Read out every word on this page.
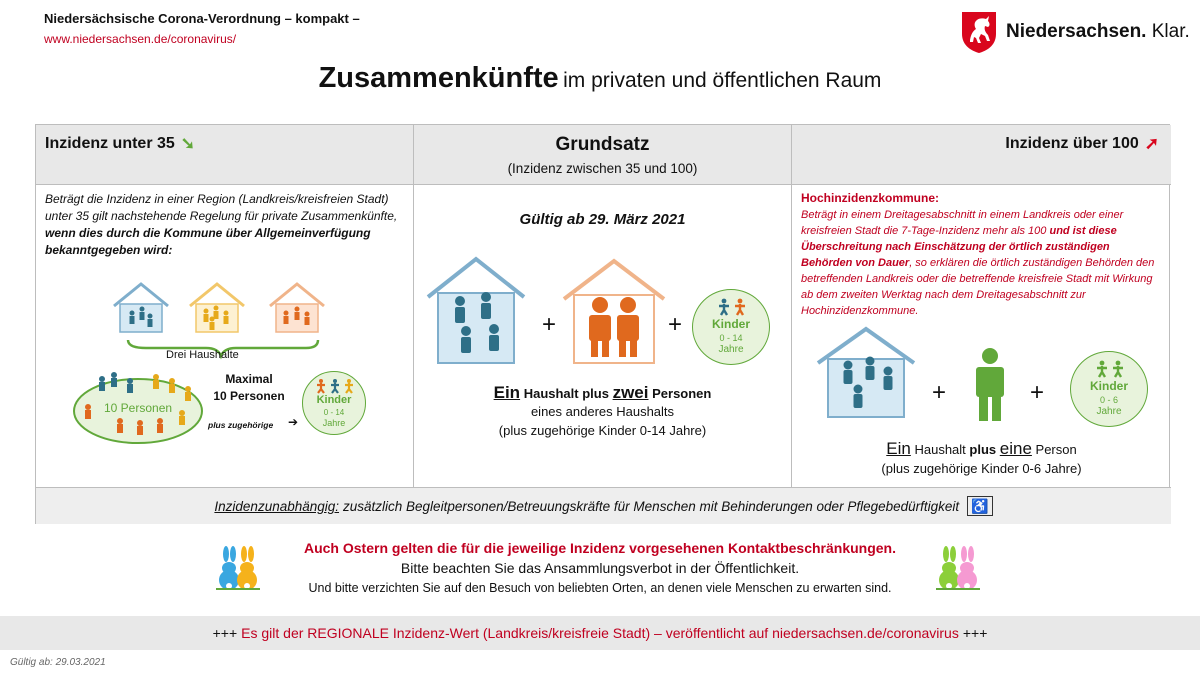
Niedersächsische Corona-Verordnung – kompakt –
www.niedersachsen.de/coronavirus/	Niedersachsen. Klar.
Zusammenkünfte im privaten und öffentlichen Raum
Inzidenz unter 35 ➘	Grundsatz
(Inzidenz zwischen 35 und 100)
Inzidenz über 100 ➚
Beträgt die Inzidenz in einer Region (Landkreis/kreisfreien Stadt) unter 35 gilt nachstehende Regelung für private Zusammenkünfte, wenn dies durch die Kommune über Allgemeinverfügung bekanntgegeben wird:
Drei Haushalte
10 Personen
Maximal
10 Personen
plus zugehörige ➔
Kinder
0 - 14
Jahre
Gültig ab 29. März 2021
+	+	Kinder
0 - 14
Jahre
Ein Haushalt plus zwei Personen
eines anderes Haushalts
(plus zugehörige Kinder 0-14 Jahre)
Hochinzidenzkommune:
Beträgt in einem Dreitagesabschnitt in einem Landkreis oder einer kreisfreien Stadt die 7-Tage-Inzidenz mehr als 100 und ist diese Überschreitung nach Einschätzung der örtlich zuständigen Behörden von Dauer, so erklären die örtlich zuständigen Behörden den betreffenden Landkreis oder die betreffende kreisfreie Stadt mit Wirkung ab dem zweiten Werktag nach dem Dreitagesabschnitt zur Hochinzidenzkommune.
+	+	Kinder
0 - 6
Jahre
Ein Haushalt plus eine Person
(plus zugehörige Kinder 0-6 Jahre)
Inzidenzunabhängig: zusätzlich Begleitpersonen/Betreuungskräfte für Menschen mit Behinderungen oder Pflegebedürftigkeit ♿
Auch Ostern gelten die für die jeweilige Inzidenz vorgesehenen Kontaktbeschränkungen.
Bitte beachten Sie das Ansammlungsverbot in der Öffentlichkeit.
Und bitte verzichten Sie auf den Besuch von beliebten Orten, an denen viele Menschen zu erwarten sind.
+++ Es gilt der REGIONALE Inzidenz-Wert (Landkreis/kreisfreie Stadt) – veröffentlicht auf niedersachsen.de/coronavirus +++
Gültig ab: 29.03.2021
